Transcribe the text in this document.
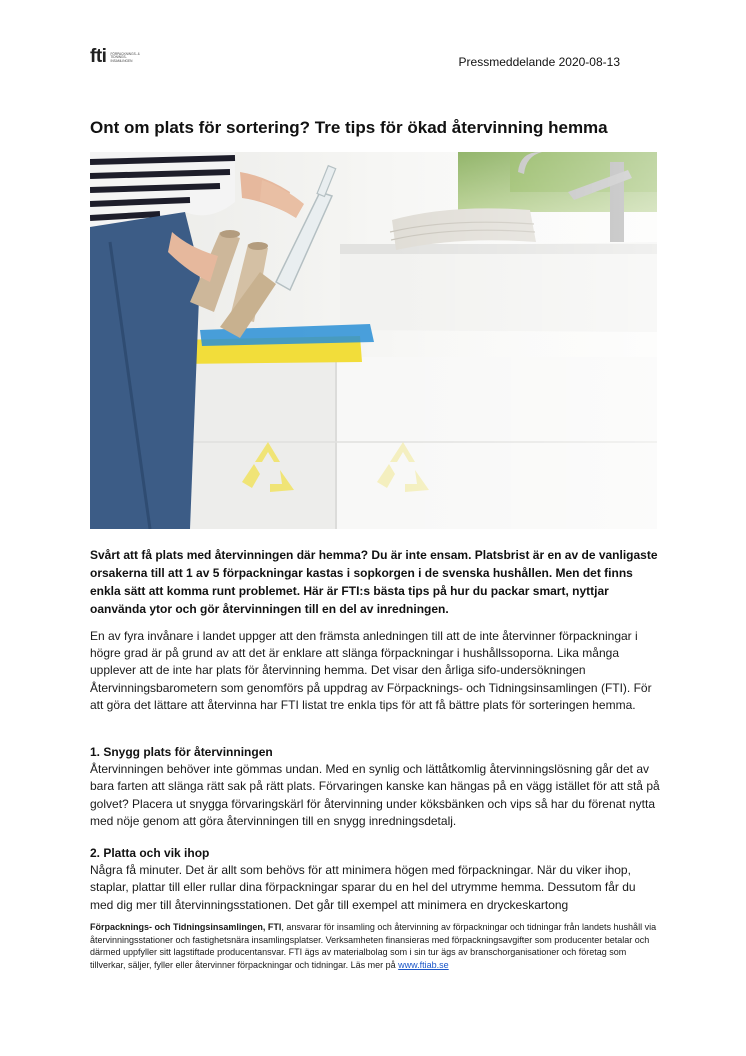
fti FÖRPACKNINGS- & TIDNINGS- INSAMLINGEN	Pressmeddelande 2020-08-13
Ont om plats för sortering? Tre tips för ökad återvinning hemma

Svårt att få plats med återvinningen där hemma? Du är inte ensam. Platsbrist är en av de vanligaste orsakerna till att 1 av 5 förpackningar kastas i sopkorgen i de svenska hushållen. Men det finns enkla sätt att komma runt problemet. Här är FTI:s bästa tips på hur du packar smart, nyttjar oanvända ytor och gör återvinningen till en del av inredningen.

En av fyra invånare i landet uppger att den främsta anledningen till att de inte återvinner förpackningar i högre grad är på grund av att det är enklare att slänga förpackningar i hushållssoporna. Lika många upplever att de inte har plats för återvinning hemma. Det visar den årliga sifo-undersökningen Återvinningsbarometern som genomförs på uppdrag av Förpacknings- och Tidningsinsamlingen (FTI). För att göra det lättare att återvinna har FTI listat tre enkla tips för att få bättre plats för sorteringen hemma.

1. Snygg plats för återvinningen

Återvinningen behöver inte gömmas undan. Med en synlig och lättåtkomlig återvinningslösning går det av bara farten att slänga rätt sak på rätt plats. Förvaringen kanske kan hängas på en vägg istället för att stå på golvet? Placera ut snygga förvaringskärl för återvinning under köksbänken och vips så har du förenat nytta med nöje genom att göra återvinningen till en snygg inredningsdetalj.

2. Platta och vik ihop

Några få minuter. Det är allt som behövs för att minimera högen med förpackningar. När du viker ihop, staplar, plattar till eller rullar dina förpackningar sparar du en hel del utrymme hemma. Dessutom får du med dig mer till återvinningsstationen. Det går till exempel att minimera en dryckeskartong

Förpacknings- och Tidningsinsamlingen, FTI, ansvarar för insamling och återvinning av förpackningar och tidningar från landets hushåll via återvinningsstationer och fastighetsnära insamlingsplatser. Verksamheten finansieras med förpackningsavgifter som producenter betalar och därmed uppfyller sitt lagstiftade producentansvar. FTI ägs av materialbolag som i sin tur ägs av branschorganisationer och företag som tillverkar, säljer, fyller eller återvinner förpackningar och tidningar. Läs mer på www.ftiab.se
